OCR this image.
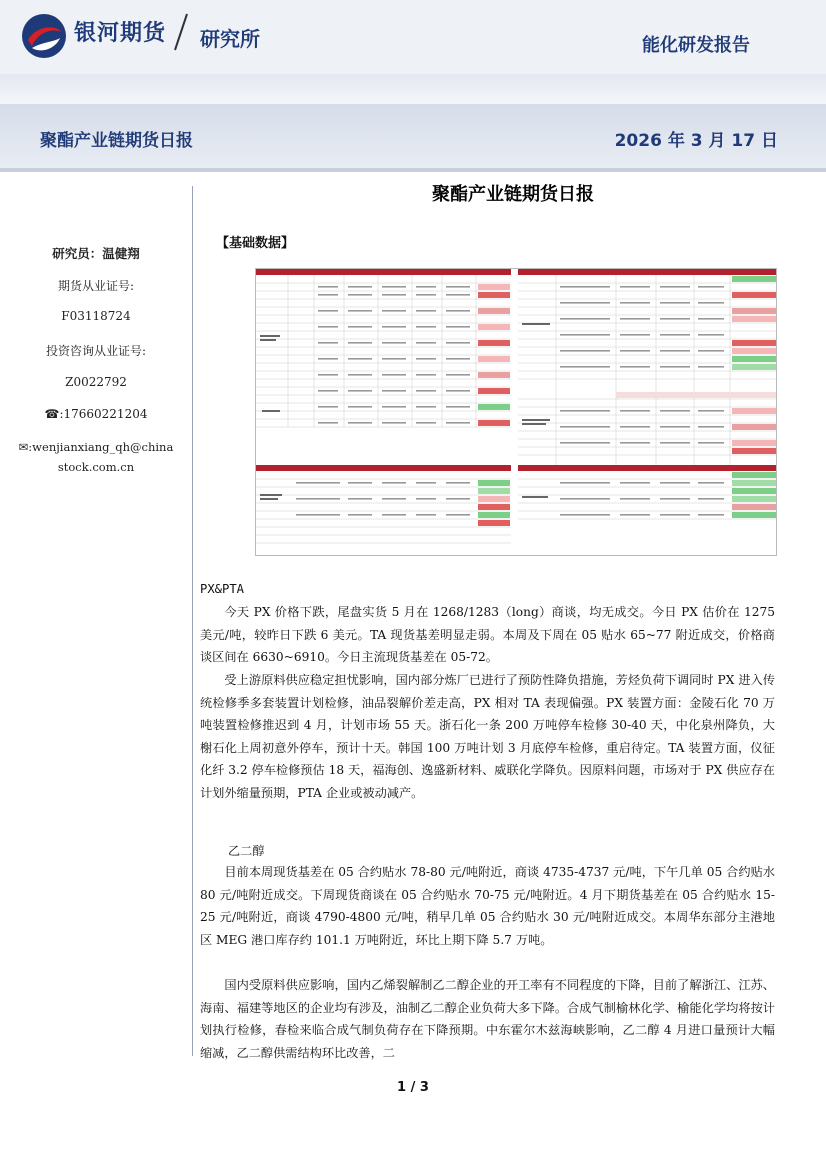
银河期货 研究所	能化研发报告
聚酯产业链期货日报	2026 年 3 月 17 日
研究员：温健翔
期货从业证号:
F03118724
投资咨询从业证号:
Z0022792
☎:17660221204
✉:wenjianxiang_qh@china
stock.com.cn
聚酯产业链期货日报
【基础数据】
PX&PTA
今天 PX 价格下跌，尾盘实货 5 月在 1268/1283（long）商谈，均无成交。今日 PX 估价在 1275 美元/吨，较昨日下跌 6 美元。TA 现货基差明显走弱。本周及下周在 05 贴水 65~77 附近成交，价格商谈区间在 6630~6910。今日主流现货基差在 05-72。
受上游原料供应稳定担忧影响，国内部分炼厂已进行了预防性降负措施，芳烃负荷下调同时 PX 进入传统检修季多套装置计划检修，油品裂解价差走高，PX 相对 TA 表现偏强。PX 装置方面：金陵石化 70 万吨装置检修推迟到 4 月，计划市场 55 天。浙石化一条 200 万吨停车检修 30-40 天，中化泉州降负，大榭石化上周初意外停车，预计十天。韩国 100 万吨计划 3 月底停车检修，重启待定。TA 装置方面，仪征化纤 3.2 停车检修预估 18 天，福海创、逸盛新材料、威联化学降负。因原料问题，市场对于 PX 供应存在计划外缩量预期，PTA 企业或被动减产。
乙二醇
目前本周现货基差在 05 合约贴水 78-80 元/吨附近，商谈 4735-4737 元/吨，下午几单 05 合约贴水 80 元/吨附近成交。下周现货商谈在 05 合约贴水 70-75 元/吨附近。4 月下期货基差在 05 合约贴水 15-25 元/吨附近，商谈 4790-4800 元/吨，稍早几单 05 合约贴水 30 元/吨附近成交。本周华东部分主港地区 MEG 港口库存约 101.1 万吨附近，环比上期下降 5.7 万吨。
国内受原料供应影响，国内乙烯裂解制乙二醇企业的开工率有不同程度的下降，目前了解浙江、江苏、海南、福建等地区的企业均有涉及，油制乙二醇企业负荷大多下降。合成气制榆林化学、榆能化学均将按计划执行检修，春检来临合成气制负荷存在下降预期。中东霍尔木兹海峡影响，乙二醇 4 月进口量预计大幅缩减，乙二醇供需结构环比改善，二
1 / 3
